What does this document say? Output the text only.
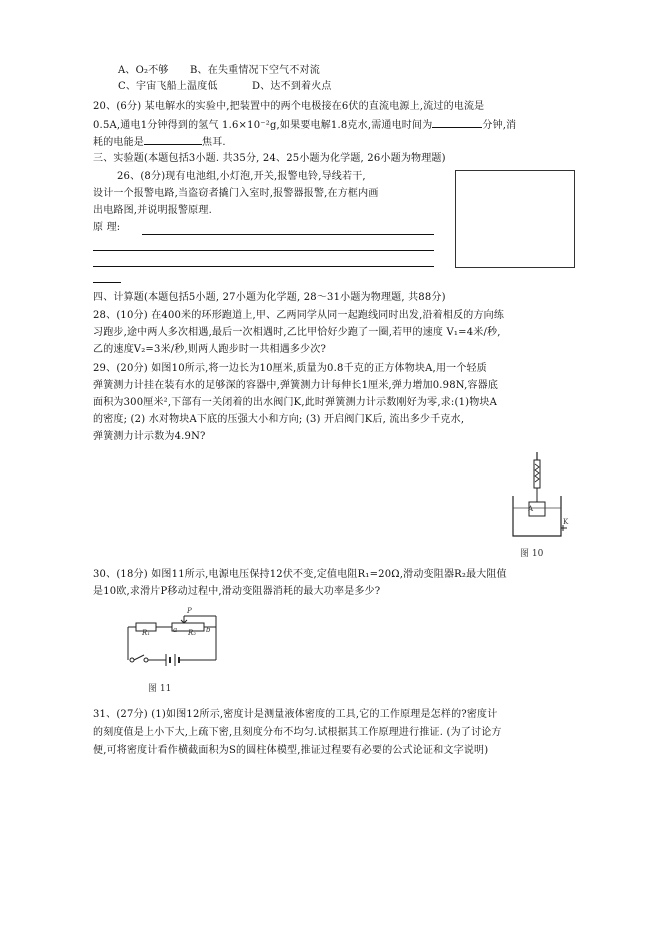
A、O₂不够 B、在失重情况下空气不对流
C、宇宙飞船上温度低	D、达不到着火点
20、(6分) 某电解水的实验中,把装置中的两个电极接在6伏的直流电源上,流过的电流是
0.5A,通电1分钟得到的氢气 1.6×10⁻²g,如果要电解1.8克水,需通电时间为	分钟,消
耗的电能是	焦耳.
三、实验题(本题包括3小题. 共35分, 24、25小题为化学题, 26小题为物理题)
26、(8分)现有电池组,小灯泡,开关,报警电铃,导线若干,
设计一个报警电路,当盗窃者撬门入室时,报警器报警,在方框内画
出电路图,并说明报警原理.
原 理:
四、计算题(本题包括5小题, 27小题为化学题, 28～31小题为物理题, 共88分)
28、(10分) 在400米的环形跑道上,甲、乙两同学从同一起跑线同时出发,沿着相反的方向练
习跑步,途中两人多次相遇,最后一次相遇时,乙比甲恰好少跑了一圈,若甲的速度 V₁=4米/秒,
乙的速度V₂=3米/秒,则两人跑步时一共相遇多少次?
29、(20分) 如图10所示,将一边长为10厘米,质量为0.8千克的正方体物块A,用一个轻质
弹簧测力计挂在装有水的足够深的容器中,弹簧测力计每伸长1厘米,弹力增加0.98N,容器底
面积为300厘米²,下部有一关闭着的出水阀门K,此时弹簧测力计示数刚好为零,求:(1)物块A
的密度; (2) 水对物块A下底的压强大小和方向; (3) 开启阀门K后, 流出多少千克水,
弹簧测力计示数为4.9N?
A
K
图 10
30、(18分) 如图11所示,电源电压保持12伏不变,定值电阻R₁=20Ω,滑动变阻器R₂最大阻值
是10欧,求滑片P移动过程中,滑动变阻器消耗的最大功率是多少?
R₁	R₂
P
a	b
图 11
31、(27分) (1)如图12所示,密度计是测量液体密度的工具,它的工作原理是怎样的?密度计
的刻度值是上小下大,上疏下密,且刻度分布不均匀.试根据其工作原理进行推证. (为了讨论方
便,可将密度计看作横截面积为S的圆柱体模型,推证过程要有必要的公式论证和文字说明)
